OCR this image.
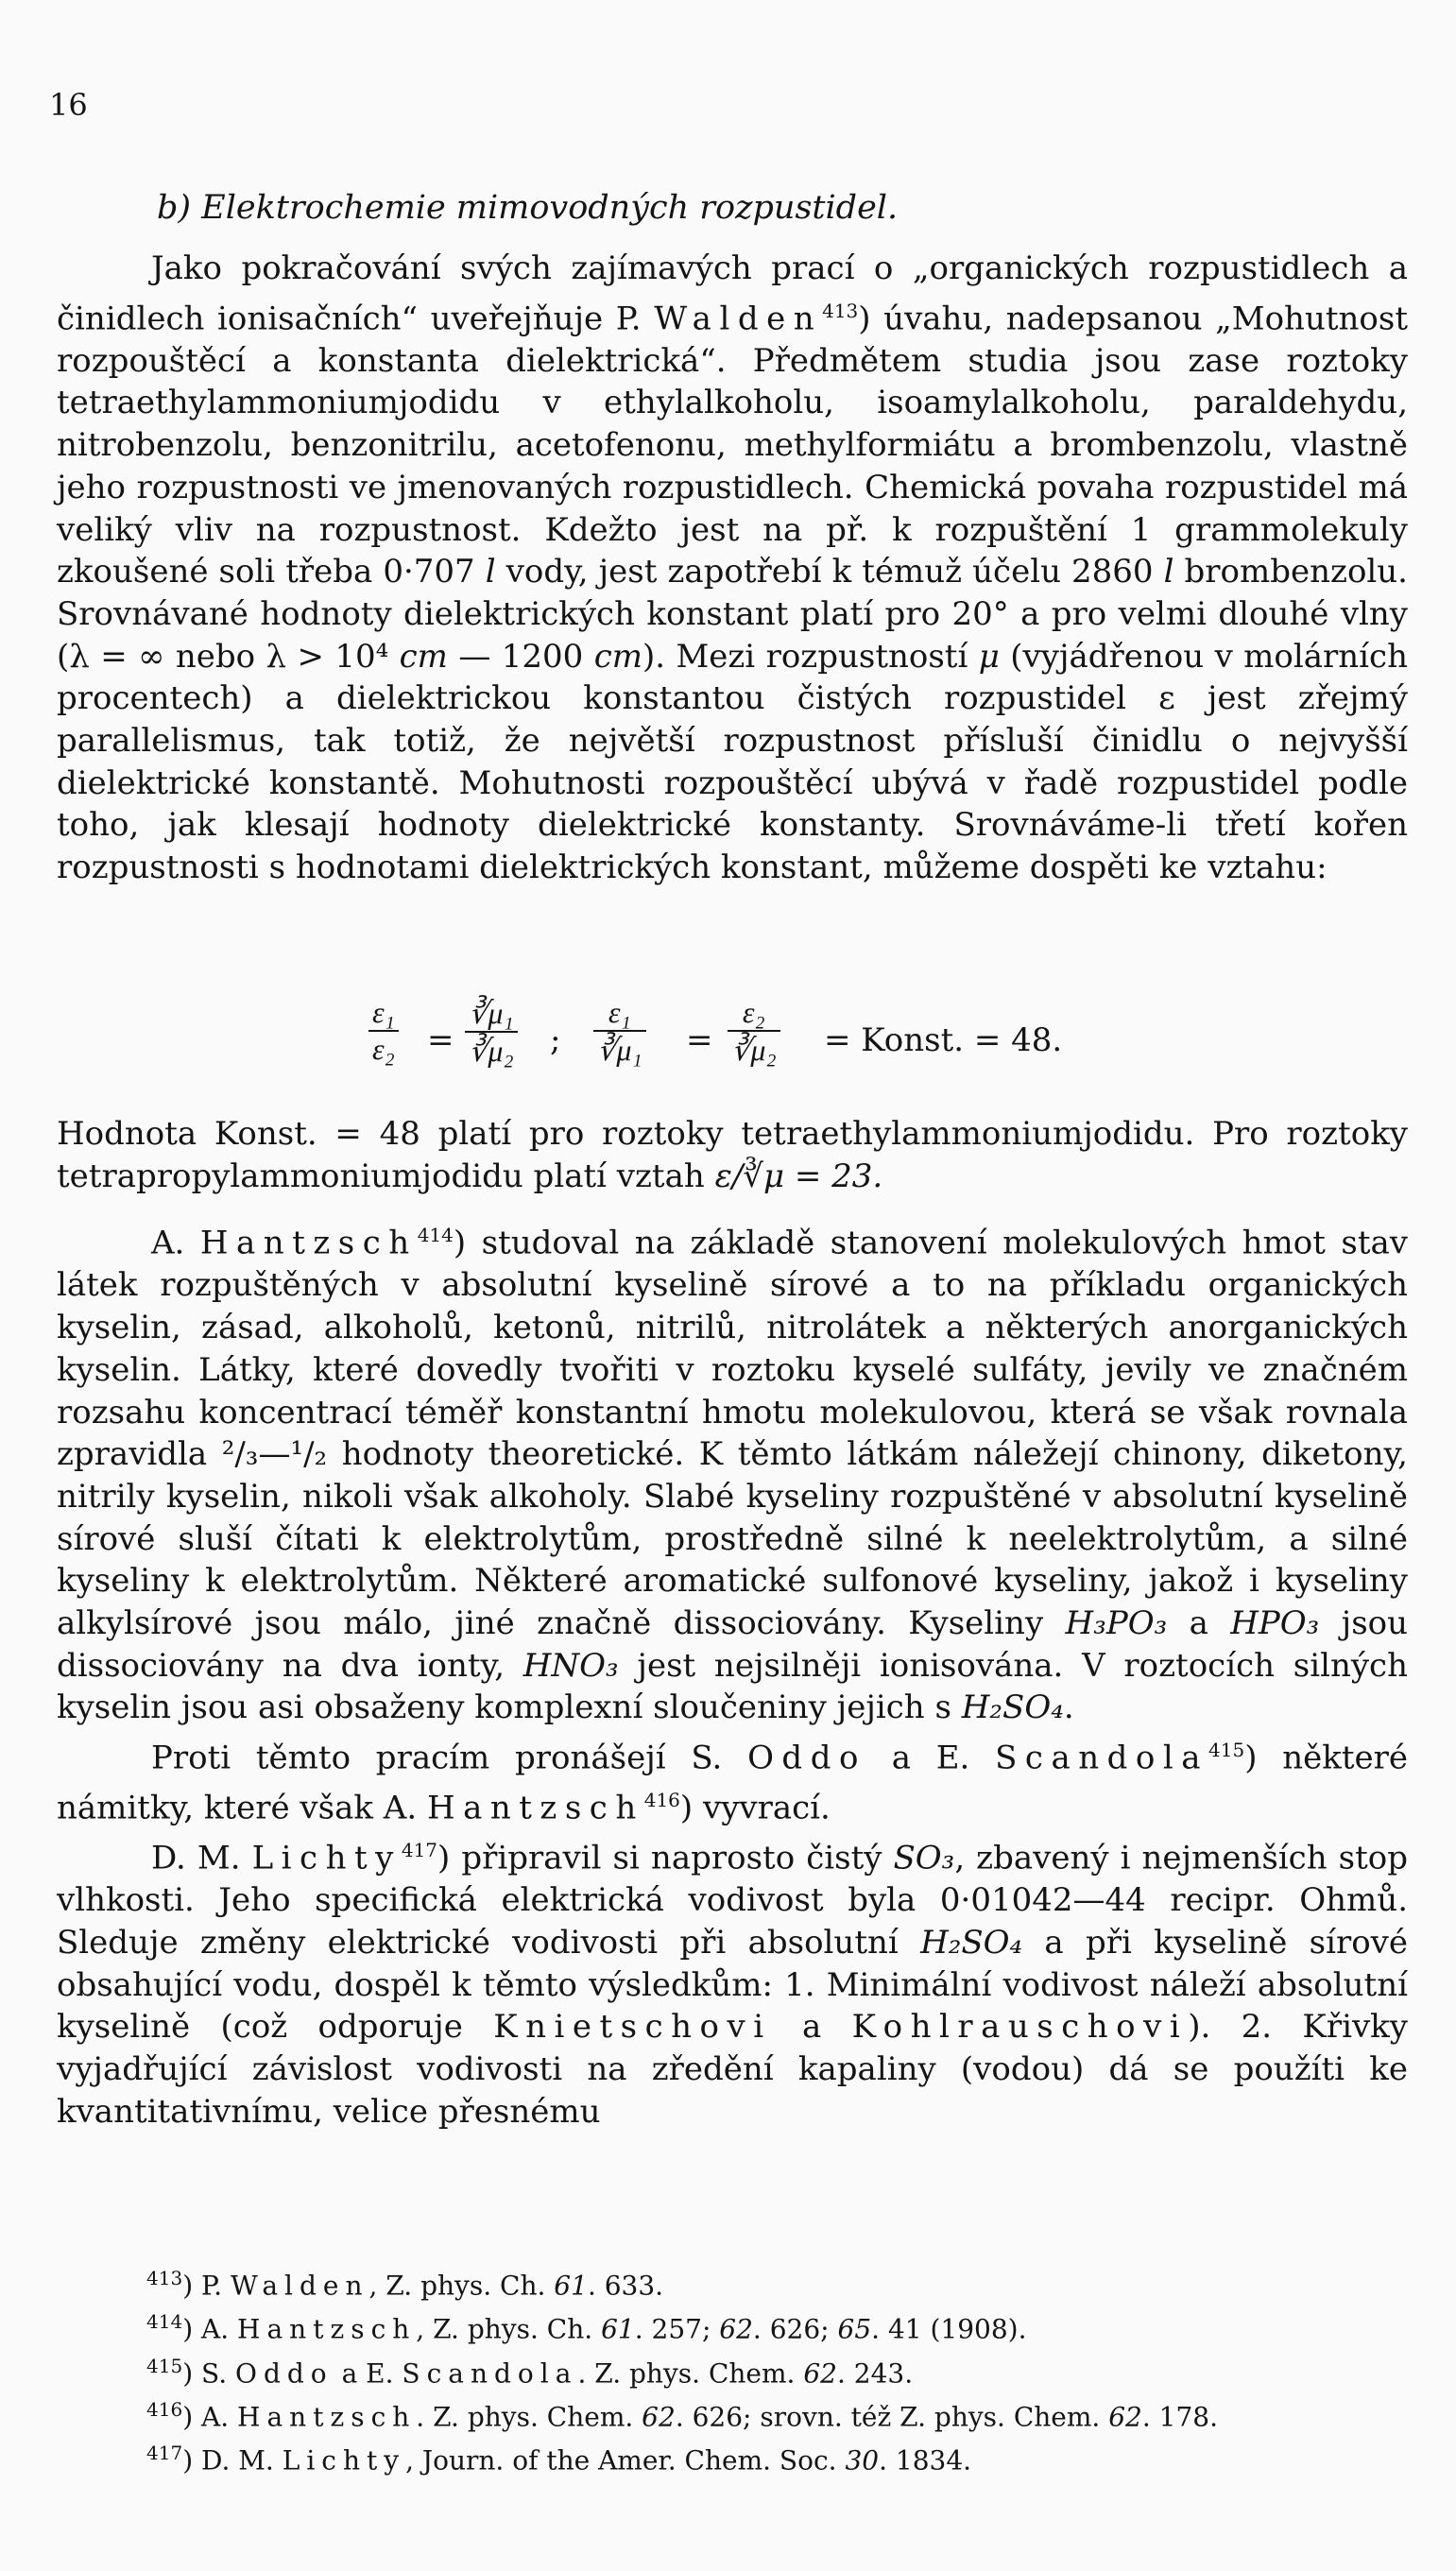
16
b) Elektrochemie mimovodných rozpustidel.

Jako pokračování svých zajímavých prací o „organických rozpustidlech a činidlech ionisačních“ uveřejňuje P. Walden$^{413}$) úvahu, nadepsanou „Mohutnost rozpouštěcí a konstanta dielektrická“. Předmětem studia jsou zase roztoky tetraethylammoniumjodidu v ethylalkoholu, isoamylalkoholu, paraldehydu, nitrobenzolu, benzonitrilu, acetofenonu, methylformiátu a brombenzolu, vlastně jeho rozpustnosti ve jmenovaných rozpustidlech. Chemická povaha rozpustidel má veliký vliv na rozpustnost. Kdežto jest na př. k rozpuštění 1 grammolekuly zkoušené soli třeba 0·707 l vody, jest zapotřebí k témuž účelu 2860 l brombenzolu. Srovnávané hodnoty dielektrických konstant platí pro 20° a pro velmi dlouhé vlny (λ = ∞ nebo λ > 10⁴ cm — 1200 cm). Mezi rozpustností μ (vyjádřenou v molárních procentech) a dielektrickou konstantou čistých rozpustidel ε jest zřejmý parallelismus, tak totiž, že největší rozpustnost přísluší činidlu o nejvyšší dielektrické konstantě. Mohutnosti rozpouštěcí ubývá v řadě rozpustidel podle toho, jak klesají hodnoty dielektrické konstanty. Srovnáváme-li třetí kořen rozpustnosti s hodnotami dielektrických konstant, můžeme dospěti ke vztahu:

$\frac{\text{ε₁}}{\text{ε₂}} = \frac{\text{∛μ₁}}{\text{∛μ₂}}$ ; $\frac{\text{ε₁}}{\text{∛μ₁}} = \frac{\text{ε₂}}{\text{∛μ₂}}$ = Konst. = 48.

Hodnota Konst. = 48 platí pro roztoky tetraethylammoniumjodidu. Pro roztoky tetrapropylammoniumjodidu platí vztah ε/∛μ = 23.

A. Hantzsch$^{414}$) studoval na základě stanovení molekulových hmot stav látek rozpuštěných v absolutní kyselině sírové a to na příkladu organických kyselin, zásad, alkoholů, ketonů, nitrilů, nitrolátek a některých anorganických kyselin. Látky, které dovedly tvořiti v roztoku kyselé sulfáty, jevily ve značném rozsahu koncentrací téměř konstantní hmotu molekulovou, která se však rovnala zpravidla ²/₃—¹/₂ hodnoty theoretické. K těmto látkám náležejí chinony, diketony, nitrily kyselin, nikoli však alkoholy. Slabé kyseliny rozpuštěné v absolutní kyselině sírové sluší čítati k elektrolytům, prostředně silné k neelektrolytům, a silné kyseliny k elektrolytům. Některé aromatické sulfonové kyseliny, jakož i kyseliny alkylsírové jsou málo, jiné značně dissociovány. Kyseliny H₃PO₃ a HPO₃ jsou dissociovány na dva ionty, HNO₃ jest nejsilněji ionisována. V roztocích silných kyselin jsou asi obsaženy komplexní sloučeniny jejich s H₂SO₄.

Proti těmto pracím pronášejí S. Oddo a E. Scandola$^{415}$) některé námitky, které však A. Hantzsch$^{416}$) vyvrací.

D. M. Lichty$^{417}$) připravil si naprosto čistý SO₃, zbavený i nejmenších stop vlhkosti. Jeho specifická elektrická vodivost byla 0·01042—44 recipr. Ohmů. Sleduje změny elektrické vodivosti při absolutní H₂SO₄ a při kyselině sírové obsahující vodu, dospěl k těmto výsledkům: 1. Minimální vodivost náleží absolutní kyselině (což odporuje Knietschovi a Kohlrauschovi). 2. Křivky vyjadřující závislost vodivosti na zředění kapaliny (vodou) dá se použíti ke kvantitativnímu, velice přesnému

$^{413}$) P. Walden, Z. phys. Ch. 61. 633.
$^{414}$) A. Hantzsch, Z. phys. Ch. 61. 257; 62. 626; 65. 41 (1908).
$^{415}$) S. Oddo a E. Scandola. Z. phys. Chem. 62. 243.
$^{416}$) A. Hantzsch. Z. phys. Chem. 62. 626; srovn. též Z. phys. Chem. 62. 178.
$^{417}$) D. M. Lichty, Journ. of the Amer. Chem. Soc. 30. 1834.
